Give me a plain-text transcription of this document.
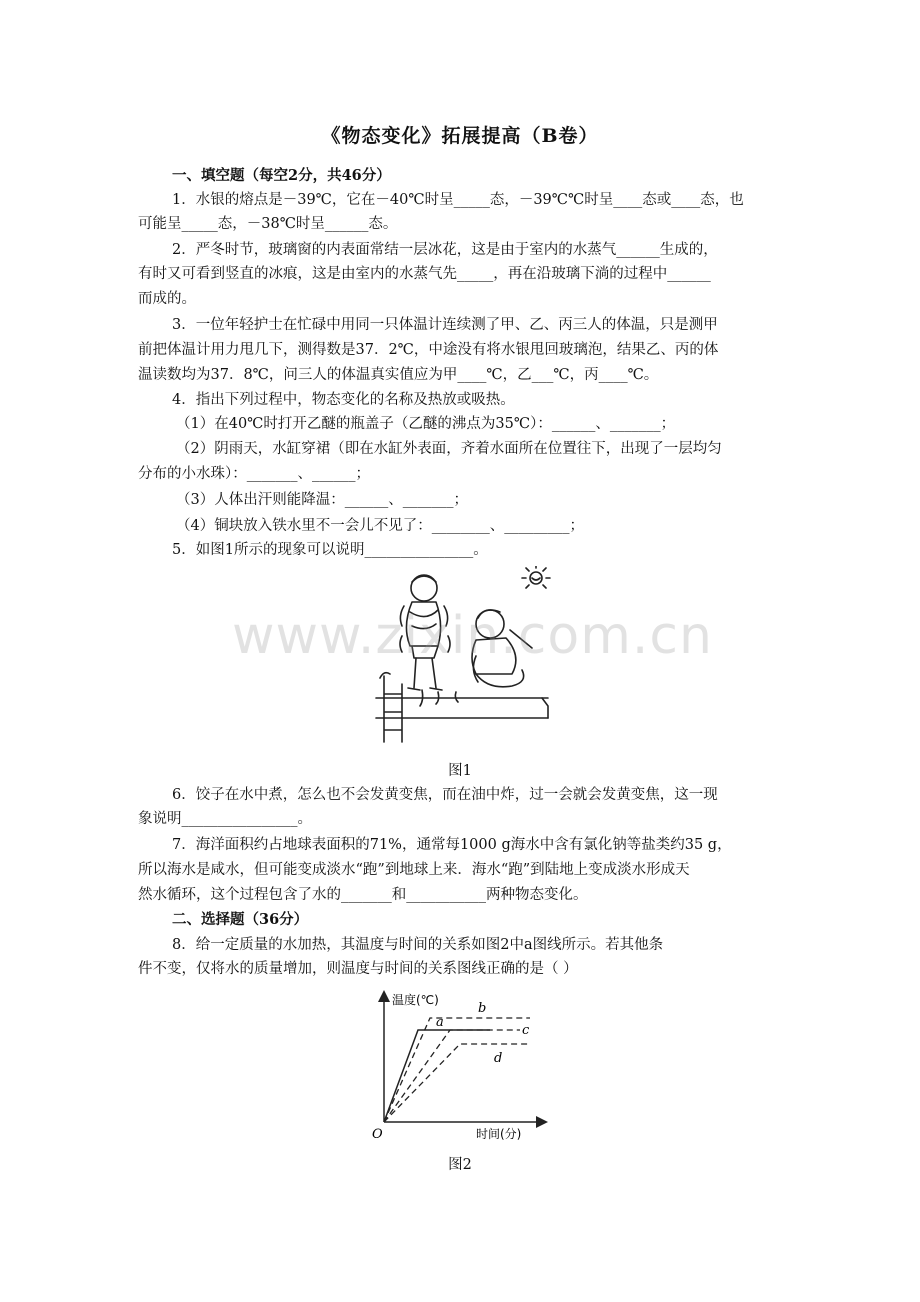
《物态变化》拓展提高（B卷）
一、填空题（每空2分，共46分）
1．水银的熔点是－39℃，它在－40℃时呈_____态，－39℃℃时呈____态或____态，也
可能呈_____态，－38℃时呈______态。
2．严冬时节，玻璃窗的内表面常结一层冰花，这是由于室内的水蒸气______生成的，
有时又可看到竖直的冰痕，这是由室内的水蒸气先_____，再在沿玻璃下淌的过程中______
而成的。
3．一位年轻护士在忙碌中用同一只体温计连续测了甲、乙、丙三人的体温，只是测甲
前把体温计用力甩几下，测得数是37．2℃，中途没有将水银甩回玻璃泡，结果乙、丙的体
温读数均为37．8℃，问三人的体温真实值应为甲____℃，乙___℃，丙____℃。
4．指出下列过程中，物态变化的名称及热放或吸热。
（1）在40℃时打开乙醚的瓶盖子（乙醚的沸点为35℃）：______、_______；
（2）阴雨天，水缸穿裙（即在水缸外表面，齐着水面所在位置往下，出现了一层均匀
分布的小水珠）：_______、______；
（3）人体出汗则能降温：______、_______；
（4）铜块放入铁水里不一会儿不见了：________、_________；
5．如图1所示的现象可以说明_______________。
图1
6．饺子在水中煮，怎么也不会发黄变焦，而在油中炸，过一会就会发黄变焦，这一现
象说明________________。
7．海洋面积约占地球表面积的71%，通常每1000 g海水中含有氯化钠等盐类约35 g，
所以海水是咸水，但可能变成淡水“跑”到地球上来．海水“跑”到陆地上变成淡水形成天
然水循环，这个过程包含了水的_______和___________两种物态变化。
二、选择题（36分）
8．给一定质量的水加热，其温度与时间的关系如图2中a图线所示。若其他条
件不变，仅将水的质量增加，则温度与时间的关系图线正确的是（ ）
温度(℃)
时间(分)
O
a
b
c
d
图2
www.zixin.com.cn
